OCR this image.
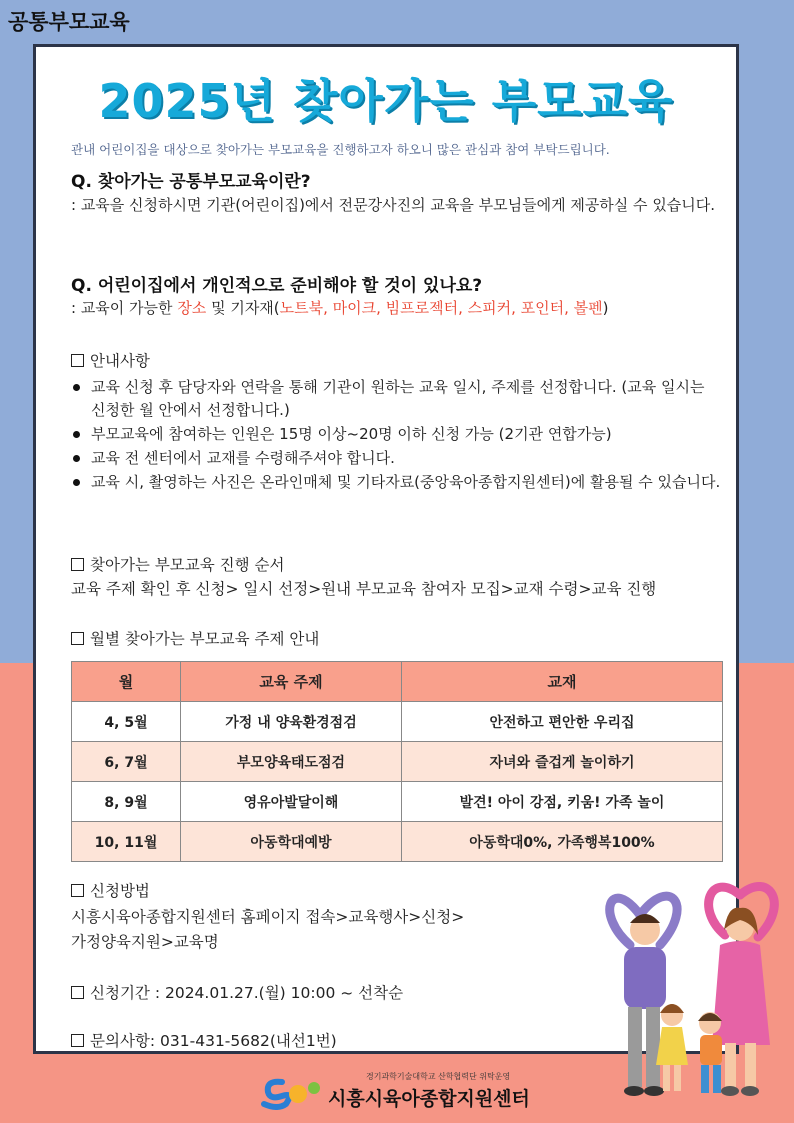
공통부모교육
2025년 찾아가는 부모교육
관내 어린이집을 대상으로 찾아가는 부모교육을 진행하고자 하오니 많은 관심과 참여 부탁드립니다.
Q. 찾아가는 공통부모교육이란?
: 교육을 신청하시면 기관(어린이집)에서 전문강사진의 교육을 부모님들에게 제공하실 수 있습니다.
Q. 어린이집에서 개인적으로 준비해야 할 것이 있나요?
: 교육이 가능한 장소 및 기자재(노트북, 마이크, 빔프로젝터, 스피커, 포인터, 볼펜)
안내사항
교육 신청 후 담당자와 연락을 통해 기관이 원하는 교육 일시, 주제를 선정합니다. (교육 일시는 신청한 월 안에서 선정합니다.)
부모교육에 참여하는 인원은 15명 이상~20명 이하 신청 가능 (2기관 연합가능)
교육 전 센터에서 교재를 수령해주셔야 합니다.
교육 시, 촬영하는 사진은 온라인매체 및 기타자료(중앙육아종합지원센터)에 활용될 수 있습니다.
찾아가는 부모교육 진행 순서
교육 주제 확인 후 신청> 일시 선정>원내 부모교육 참여자 모집>교재 수령>교육 진행
월별 찾아가는 부모교육 주제 안내
월	교육 주제	교재
4, 5월	가정 내 양육환경점검	안전하고 편안한 우리집
6, 7월	부모양육태도점검	자녀와 즐겁게 놀이하기
8, 9월	영유아발달이해	발견! 아이 강점, 키움! 가족 놀이
10, 11월	아동학대예방	아동학대0%, 가족행복100%
신청방법
시흥시육아종합지원센터 홈페이지 접속>교육행사>신청>
가정양육지원>교육명
신청기간 : 2024.01.27.(월) 10:00 ~ 선착순
문의사항: 031-431-5682(내선1번)
경기과학기술대학교 산학협력단 위탁운영
시흥시육아종합지원센터
